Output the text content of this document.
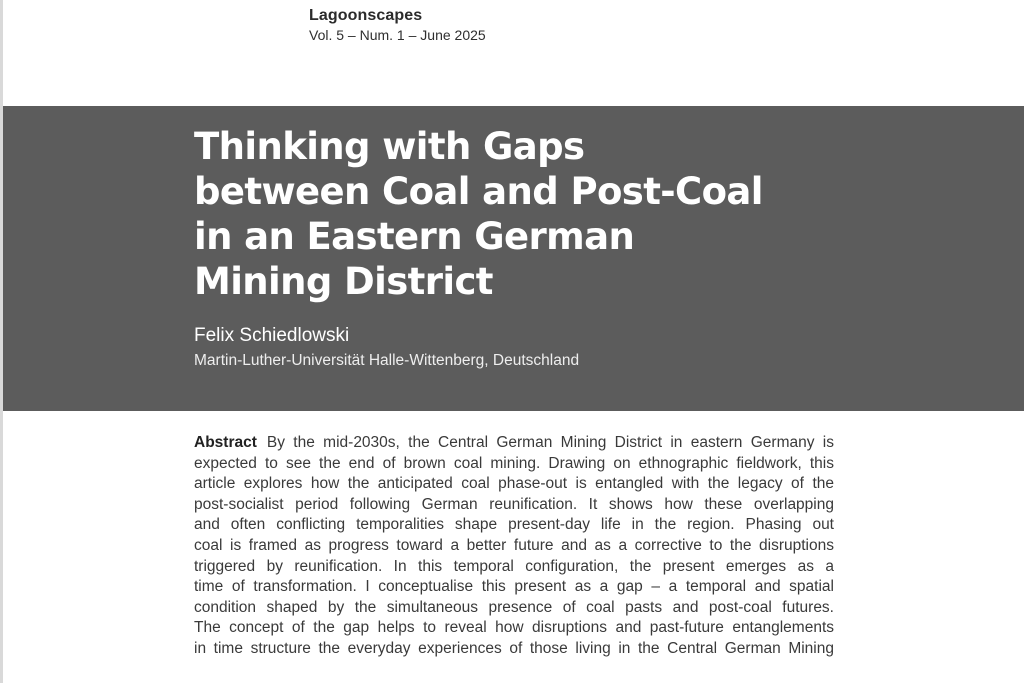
Lagoonscapes
Vol. 5 – Num. 1 – June 2025
Thinking with Gaps
between Coal and Post-Coal
in an Eastern German
Mining District
Felix Schiedlowski
Martin-Luther-Universität Halle-Wittenberg, Deutschland
Abstract By the mid-2030s, the Central German Mining District in eastern Germany is
expected to see the end of brown coal mining. Drawing on ethnographic fieldwork, this
article explores how the anticipated coal phase-out is entangled with the legacy of the
post-socialist period following German reunification. It shows how these overlapping
and often conflicting temporalities shape present-day life in the region. Phasing out
coal is framed as progress toward a better future and as a corrective to the disruptions
triggered by reunification. In this temporal configuration, the present emerges as a
time of transformation. I conceptualise this present as a gap – a temporal and spatial
condition shaped by the simultaneous presence of coal pasts and post-coal futures.
The concept of the gap helps to reveal how disruptions and past-future entanglements
in time structure the everyday experiences of those living in the Central German Mining
